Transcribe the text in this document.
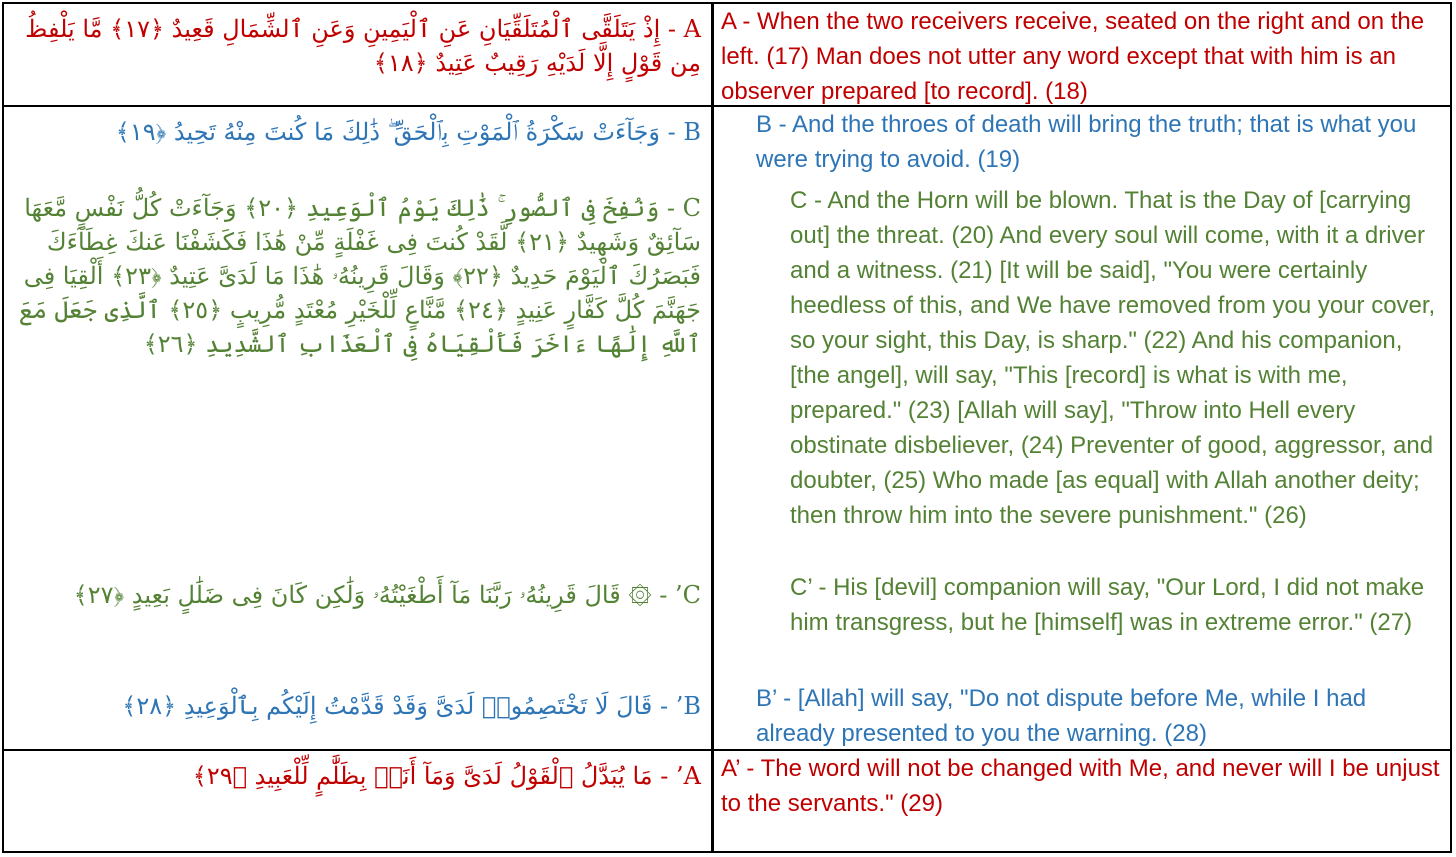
A - إِذْ يَتَلَقَّى ٱلْمُتَلَقِّيَانِ عَنِ ٱلْيَمِينِ وَعَنِ ٱلشِّمَالِ قَعِيدٌ ﴿١٧﴾ مَّا يَلْفِظُ مِن قَوْلٍ إِلَّا لَدَيْهِ رَقِيبٌ عَتِيدٌ ﴿١٨﴾
A - When the two receivers receive, seated on the right and on the left. (17) Man does not utter any word except that with him is an observer prepared [to record]. (18)
B - وَجَآءَتْ سَكْرَةُ ٱلْمَوْتِ بِٱلْحَقِّ ۖ ذَٰلِكَ مَا كُنتَ مِنْهُ تَحِيدُ ﴿١٩﴾	B - And the throes of death will bring the truth; that is what you were trying to avoid. (19)
C - وَنُفِخَ فِى ٱلصُّورِ ۚ ذَٰلِكَ يَوْمُ ٱلْوَعِيدِ ﴿٢٠﴾ وَجَآءَتْ كُلُّ نَفْسٍ مَّعَهَا سَآئِقٌ وَشَهِيدٌ ﴿٢١﴾ لَّقَدْ كُنتَ فِى غَفْلَةٍ مِّنْ هَٰذَا فَكَشَفْنَا عَنكَ غِطَآءَكَ فَبَصَرُكَ ٱلْيَوْمَ حَدِيدٌ ﴿٢٢﴾ وَقَالَ قَرِينُهُۥ هَٰذَا مَا لَدَىَّ عَتِيدٌ ﴿٢٣﴾ أَلْقِيَا فِى جَهَنَّمَ كُلَّ كَفَّارٍ عَنِيدٍ ﴿٢٤﴾ مَّنَّاعٍ لِّلْخَيْرِ مُعْتَدٍ مُّرِيبٍ ﴿٢٥﴾ ٱلَّذِى جَعَلَ مَعَ ٱللَّهِ إِلَٰهًا ءَاخَرَ فَأَلْقِيَاهُ فِى ٱلْعَذَابِ ٱلشَّدِيدِ ﴿٢٦﴾
C - And the Horn will be blown. That is the Day of [carrying out] the threat. (20) And every soul will come, with it a driver and a witness. (21) [It will be said], "You were certainly heedless of this, and We have removed from you your cover, so your sight, this Day, is sharp." (22) And his companion, [the angel], will say, "This [record] is what is with me, prepared." (23) [Allah will say], "Throw into Hell every obstinate disbeliever, (24) Preventer of good, aggressor, and doubter, (25) Who made [as equal] with Allah another deity; then throw him into the severe punishment." (26)
C’ - ۞ قَالَ قَرِينُهُۥ رَبَّنَا مَآ أَطْغَيْتُهُۥ وَلَٰكِن كَانَ فِى ضَلَٰلٍ بَعِيدٍ ﴿٢٧﴾	C’ - His [devil] companion will say, "Our Lord, I did not make him transgress, but he [himself] was in extreme error." (27)
B’ - قَالَ لَا تَخْتَصِمُوا۟ لَدَىَّ وَقَدْ قَدَّمْتُ إِلَيْكُم بِٱلْوَعِيدِ ﴿٢٨﴾	B’ - [Allah] will say, "Do not dispute before Me, while I had already presented to you the warning. (28)
A’ - مَا يُبَدَّلُ ٱلْقَوْلُ لَدَىَّ وَمَآ أَنَا۠ بِظَلَّٰمٍ لِّلْعَبِيدِ ﴿٢٩﴾ A’ - The word will not be changed with Me, and never will I be unjust to the servants." (29)
